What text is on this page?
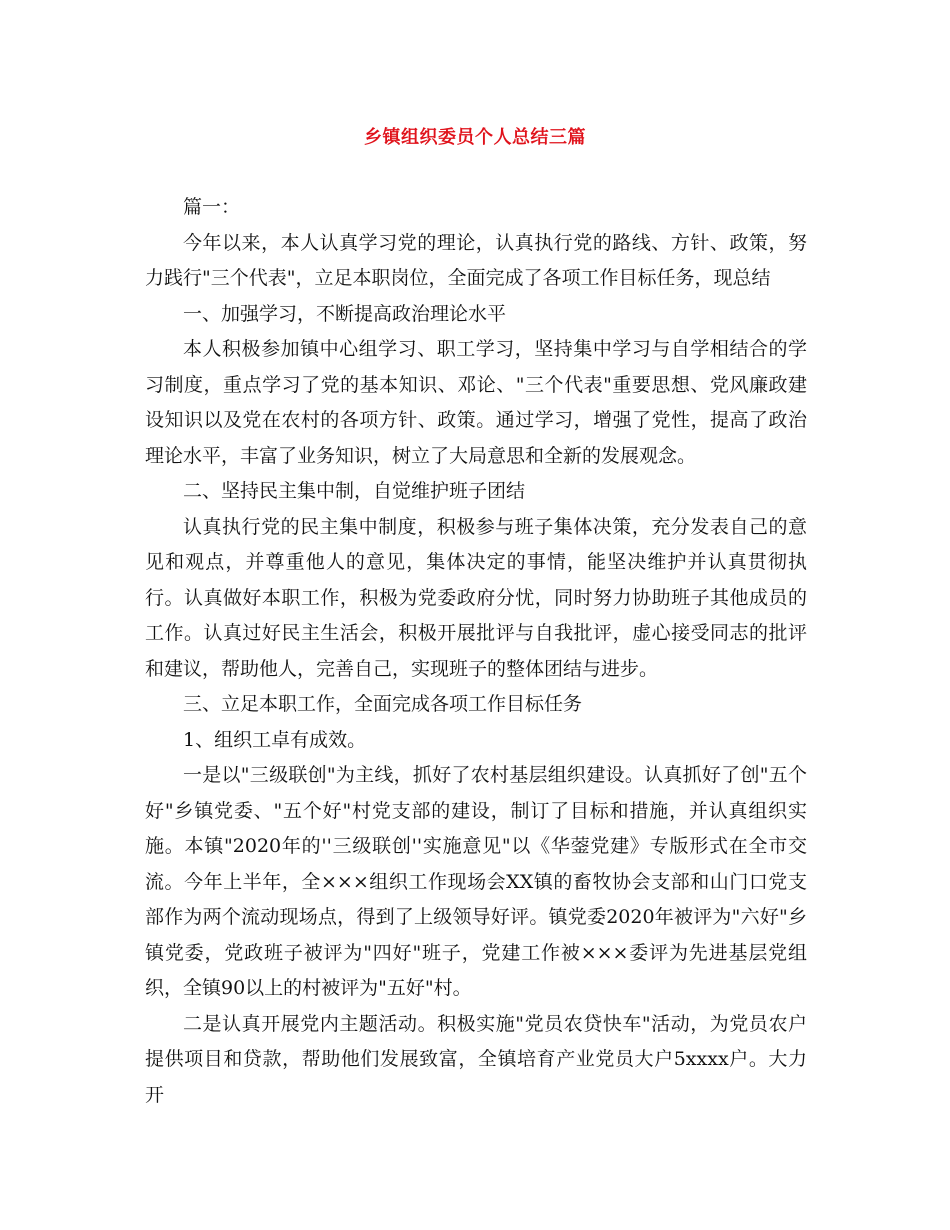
乡镇组织委员个人总结三篇

篇一：

今年以来，本人认真学习党的理论，认真执行党的路线、方针、政策，努力践行"三个代表"，立足本职岗位，全面完成了各项工作目标任务，现总结

一、加强学习，不断提高政治理论水平

本人积极参加镇中心组学习、职工学习，坚持集中学习与自学相结合的学习制度，重点学习了党的基本知识、邓论、"三个代表"重要思想、党风廉政建设知识以及党在农村的各项方针、政策。通过学习，增强了党性，提高了政治理论水平，丰富了业务知识，树立了大局意思和全新的发展观念。

二、坚持民主集中制，自觉维护班子团结

认真执行党的民主集中制度，积极参与班子集体决策，充分发表自己的意见和观点，并尊重他人的意见，集体决定的事情，能坚决维护并认真贯彻执行。认真做好本职工作，积极为党委政府分忧，同时努力协助班子其他成员的工作。认真过好民主生活会，积极开展批评与自我批评，虚心接受同志的批评和建议，帮助他人，完善自己，实现班子的整体团结与进步。

三、立足本职工作，全面完成各项工作目标任务

1、组织工卓有成效。

一是以"三级联创"为主线，抓好了农村基层组织建设。认真抓好了创"五个好"乡镇党委、"五个好"村党支部的建设，制订了目标和措施，并认真组织实施。本镇"2020年的''三级联创''实施意见"以《华蓥党建》专版形式在全市交流。今年上半年，全×××组织工作现场会XX镇的畜牧协会支部和山门口党支部作为两个流动现场点，得到了上级领导好评。镇党委2020年被评为"六好"乡镇党委，党政班子被评为"四好"班子，党建工作被×××委评为先进基层党组织，全镇90以上的村被评为"五好"村。

二是认真开展党内主题活动。积极实施"党员农贷快车"活动，为党员农户提供项目和贷款，帮助他们发展致富，全镇培育产业党员大户5xxxx户。大力开
